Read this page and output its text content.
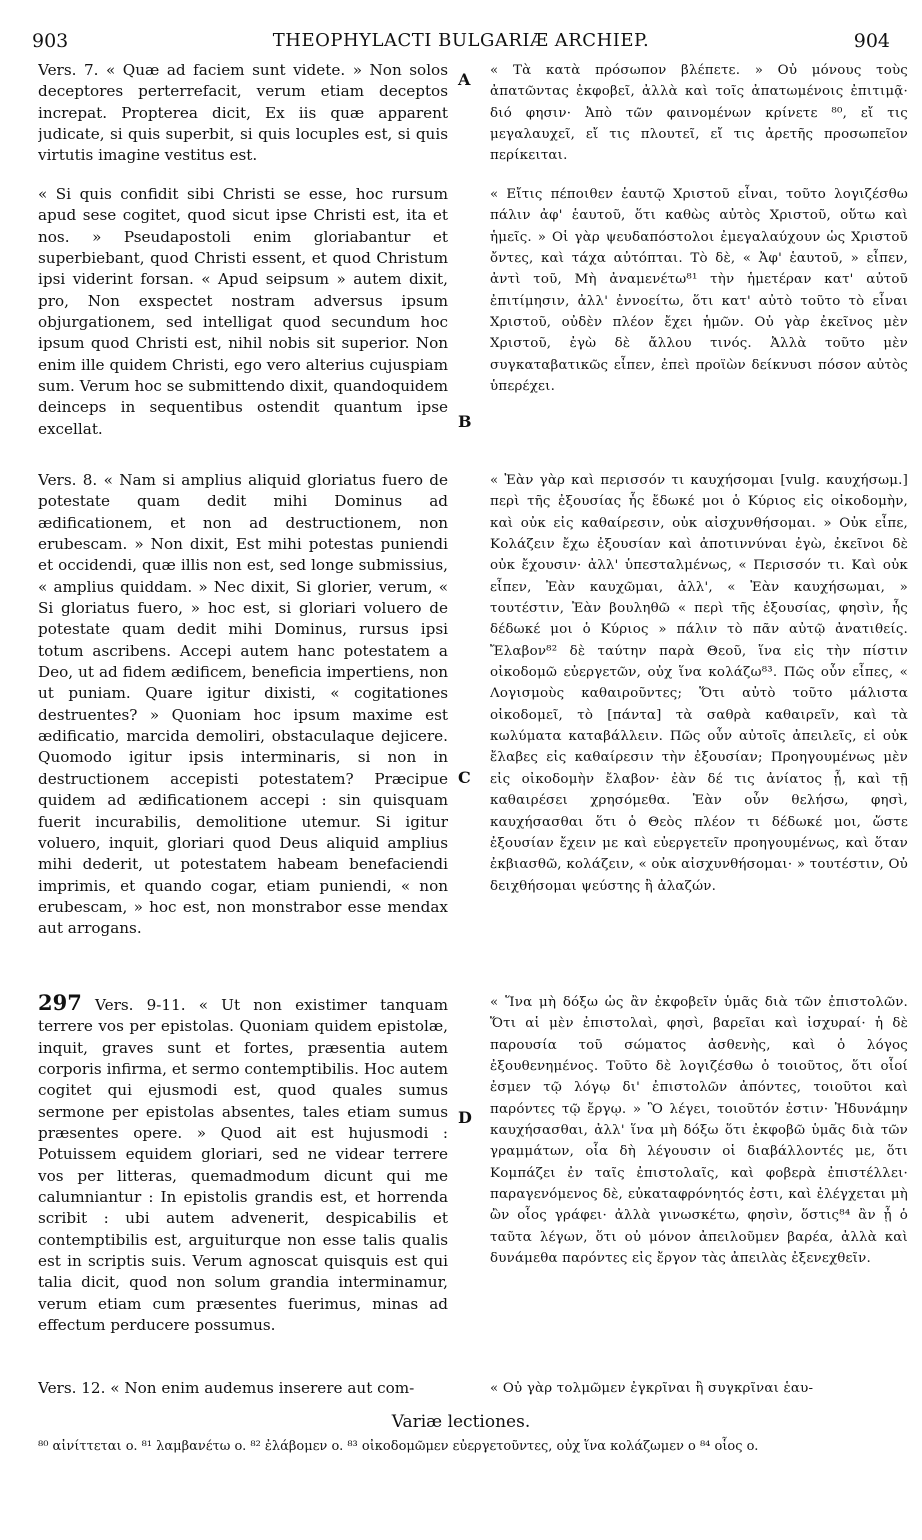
903	THEOPHYLACTI BULGARIÆ ARCHIEP.	904
Vers. 7. « Quæ ad faciem sunt videte. » Non solos deceptores perterrefacit, verum etiam deceptos increpat. Propterea dicit, Ex iis quæ apparent judicate, si quis superbit, si quis locuples est, si quis virtutis imagine vestitus est.
« Si quis confidit sibi Christi se esse, hoc rursum apud sese cogitet, quod sicut ipse Christi est, ita et nos. » Pseudapostoli enim gloriabantur et superbiebant, quod Christi essent, et quod Christum ipsi viderint forsan. « Apud seipsum » autem dixit, pro, Non exspectet nostram adversus ipsum objurgationem, sed intelligat quod secundum hoc ipsum quod Christi est, nihil nobis sit superior. Non enim ille quidem Christi, ego vero alterius cujuspiam sum. Verum hoc se submittendo dixit, quandoquidem deinceps in sequentibus ostendit quantum ipse excellat.
Vers. 8. « Nam si amplius aliquid gloriatus fuero de potestate quam dedit mihi Dominus ad ædificationem, et non ad destructionem, non erubescam. » Non dixit, Est mihi potestas puniendi et occidendi, quæ illis non est, sed longe submissius, « amplius quiddam. » Nec dixit, Si glorier, verum, « Si gloriatus fuero, » hoc est, si gloriari voluero de potestate quam dedit mihi Dominus, rursus ipsi totum ascribens. Accepi autem hanc potestatem a Deo, ut ad fidem ædificem, beneficia impertiens, non ut puniam. Quare igitur dixisti, « cogitationes destruentes? » Quoniam hoc ipsum maxime est ædificatio, marcida demoliri, obstaculaque dejicere. Quomodo igitur ipsis interminaris, si non in destructionem accepisti potestatem? Præcipue quidem ad ædificationem accepi : sin quisquam fuerit incurabilis, demolitione utemur. Si igitur voluero, inquit, gloriari quod Deus aliquid amplius mihi dederit, ut potestatem habeam benefaciendi imprimis, et quando cogar, etiam puniendi, « non erubescam, » hoc est, non monstrabor esse mendax aut arrogans.
297 Vers. 9-11. « Ut non existimer tanquam terrere vos per epistolas. Quoniam quidem epistolæ, inquit, graves sunt et fortes, præsentia autem corporis infirma, et sermo contemptibilis. Hoc autem cogitet qui ejusmodi est, quod quales sumus sermone per epistolas absentes, tales etiam sumus præsentes opere. » Quod ait est hujusmodi : Potuissem equidem gloriari, sed ne videar terrere vos per litteras, quemadmodum dicunt qui me calumniantur : In epistolis grandis est, et horrenda scribit : ubi autem advenerit, despicabilis et contemptibilis est, arguiturque non esse talis qualis est in scriptis suis. Verum agnoscat quisquis est qui talia dicit, quod non solum grandia interminamur, verum etiam cum præsentes fuerimus, minas ad effectum perducere possumus.
Vers. 12. « Non enim audemus inserere aut com-
A
B
C
D
« Τὰ κατὰ πρόσωπον βλέπετε. » Οὐ μόνους τοὺς ἀπατῶντας ἐκφοβεῖ, ἀλλὰ καὶ τοῖς ἀπατωμένοις ἐπιτιμᾷ· διό φησιν· Ἀπὸ τῶν φαινομένων κρίνετε ⁸⁰, εἴ τις μεγαλαυχεῖ, εἴ τις πλουτεῖ, εἴ τις ἀρετῆς προσωπεῖον περίκειται.
« Εἴτις πέποιθεν ἑαυτῷ Χριστοῦ εἶναι, τοῦτο λογιζέσθω πάλιν ἀφ' ἑαυτοῦ, ὅτι καθὼς αὐτὸς Χριστοῦ, οὕτω καὶ ἡμεῖς. » Οἱ γὰρ ψευδαπόστολοι ἐμεγαλαύχουν ὡς Χριστοῦ ὄντες, καὶ τάχα αὐτόπται. Τὸ δὲ, « Ἀφ' ἑαυτοῦ, » εἶπεν, ἀντὶ τοῦ, Μὴ ἀναμενέτω⁸¹ τὴν ἡμετέραν κατ' αὐτοῦ ἐπιτίμησιν, ἀλλ' ἐννοείτω, ὅτι κατ' αὐτὸ τοῦτο τὸ εἶναι Χριστοῦ, οὐδὲν πλέον ἔχει ἡμῶν. Οὐ γὰρ ἐκεῖνος μὲν Χριστοῦ, ἐγὼ δὲ ἄλλου τινός. Ἀλλὰ τοῦτο μὲν συγκαταβατικῶς εἶπεν, ἐπεὶ προϊὼν δείκνυσι πόσον αὐτὸς ὑπερέχει.
« Ἐὰν γὰρ καὶ περισσόν τι καυχήσομαι [vulg. καυχήσωμ.] περὶ τῆς ἐξουσίας ἧς ἔδωκέ μοι ὁ Κύριος εἰς οἰκοδομὴν, καὶ οὐκ εἰς καθαίρεσιν, οὐκ αἰσχυνθήσομαι. » Οὐκ εἶπε, Κολάζειν ἔχω ἐξουσίαν καὶ ἀποτιννύναι ἐγὼ, ἐκεῖνοι δὲ οὐκ ἔχουσιν· ἀλλ' ὑπεσταλμένως, « Περισσόν τι. Καὶ οὐκ εἶπεν, Ἐὰν καυχῶμαι, ἀλλ', « Ἐὰν καυχήσωμαι, » τουτέστιν, Ἐὰν βουληθῶ « περὶ τῆς ἐξουσίας, φησὶν, ἧς δέδωκέ μοι ὁ Κύριος » πάλιν τὸ πᾶν αὐτῷ ἀνατιθείς. Ἔλαβον⁸² δὲ ταύτην παρὰ Θεοῦ, ἵνα εἰς τὴν πίστιν οἰκοδομῶ εὐεργετῶν, οὐχ ἵνα κολάζω⁸³. Πῶς οὖν εἶπες, « Λογισμοὺς καθαιροῦντες; Ὅτι αὐτὸ τοῦτο μάλιστα οἰκοδομεῖ, τὸ [πάντα] τὰ σαθρὰ καθαιρεῖν, καὶ τὰ κωλύματα καταβάλλειν. Πῶς οὖν αὐτοῖς ἀπειλεῖς, εἰ οὐκ ἔλαβες εἰς καθαίρεσιν τὴν ἐξουσίαν; Προηγουμένως μὲν εἰς οἰκοδομὴν ἔλαβον· ἐὰν δέ τις ἀνίατος ᾖ, καὶ τῇ καθαιρέσει χρησόμεθα. Ἐὰν οὖν θελήσω, φησὶ, καυχήσασθαι ὅτι ὁ Θεὸς πλέον τι δέδωκέ μοι, ὥστε ἐξουσίαν ἔχειν με καὶ εὐεργετεῖν προηγουμένως, καὶ ὅταν ἐκβιασθῶ, κολάζειν, « οὐκ αἰσχυνθήσομαι· » τουτέστιν, Οὐ δειχθήσομαι ψεύστης ἢ ἀλαζών.
« Ἵνα μὴ δόξω ὡς ἂν ἐκφοβεῖν ὑμᾶς διὰ τῶν ἐπιστολῶν. Ὅτι αἱ μὲν ἐπιστολαὶ, φησὶ, βαρεῖαι καὶ ἰσχυραί· ἡ δὲ παρουσία τοῦ σώματος ἀσθενὴς, καὶ ὁ λόγος ἐξουθενημένος. Τοῦτο δὲ λογιζέσθω ὁ τοιοῦτος, ὅτι οἷοί ἐσμεν τῷ λόγῳ δι' ἐπιστολῶν ἀπόντες, τοιοῦτοι καὶ παρόντες τῷ ἔργῳ. » Ὃ λέγει, τοιοῦτόν ἐστιν· Ἠδυνάμην καυχήσασθαι, ἀλλ' ἵνα μὴ δόξω ὅτι ἐκφοβῶ ὑμᾶς διὰ τῶν γραμμάτων, οἷα δὴ λέγουσιν οἱ διαβάλλοντές με, ὅτι Κομπάζει ἐν ταῖς ἐπιστολαῖς, καὶ φοβερὰ ἐπιστέλλει· παραγενόμενος δὲ, εὐκαταφρόνητός ἐστι, καὶ ἐλέγχεται μὴ ὢν οἷος γράφει· ἀλλὰ γινωσκέτω, φησὶν, ὅστις⁸⁴ ἂν ᾖ ὁ ταῦτα λέγων, ὅτι οὐ μόνον ἀπειλοῦμεν βαρέα, ἀλλὰ καὶ δυνάμεθα παρόντες εἰς ἔργον τὰς ἀπειλὰς ἐξενεχθεῖν.
« Οὐ γὰρ τολμῶμεν ἐγκρῖναι ἢ συγκρῖναι ἑαυ-
Variæ lectiones.
⁸⁰ αἰνίττεται o. ⁸¹ λαμβανέτω o. ⁸² ἐλάβομεν o. ⁸³ οἰκοδομῶμεν εὐεργετοῦντες, οὐχ ἵνα κολάζωμεν o ⁸⁴ οἷος o.
